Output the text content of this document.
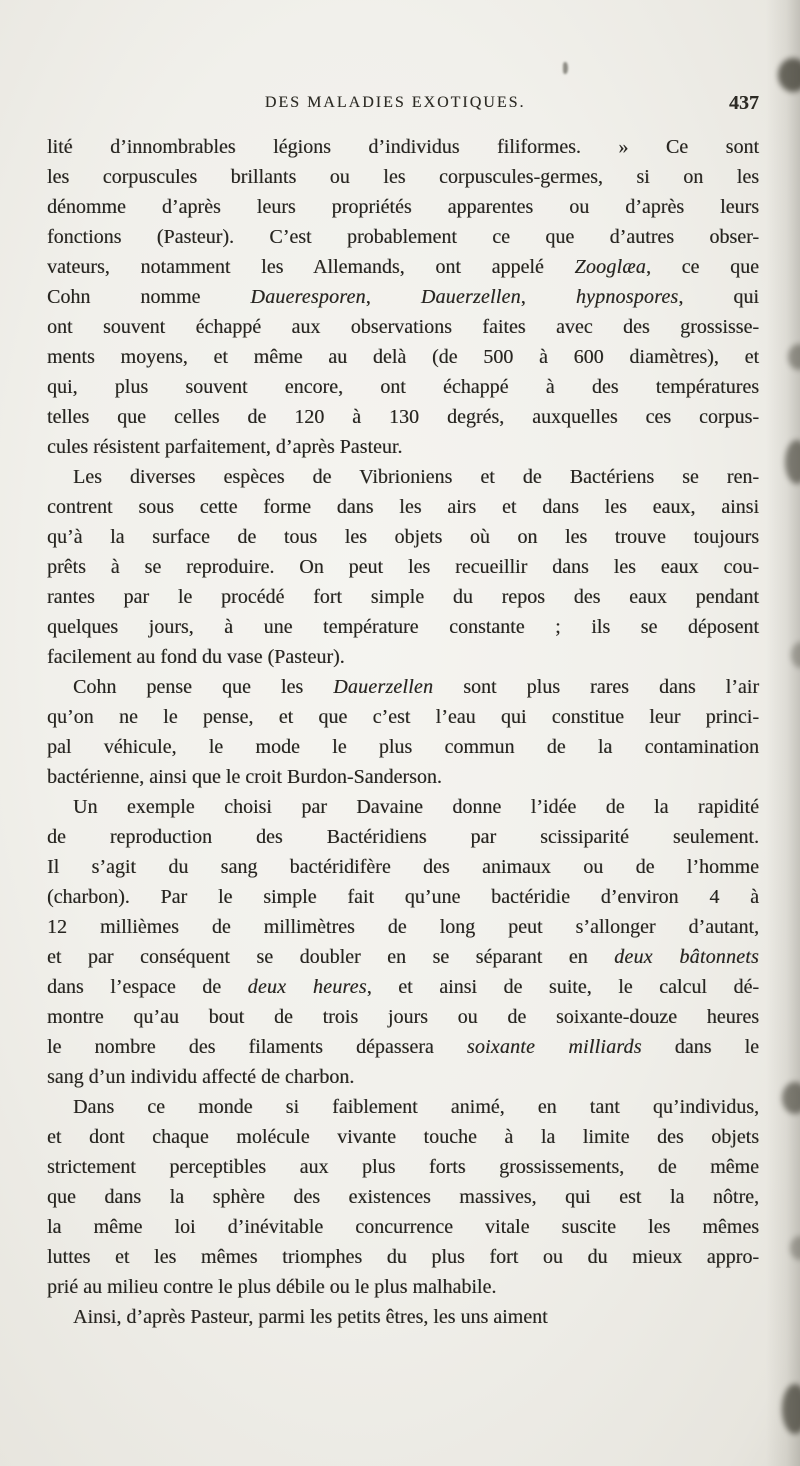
DES MALADIES EXOTIQUES.	437
lité d’innombrables légions d’individus filiformes. » Ce sont
les corpuscules brillants ou les corpuscules-germes, si on les
dénomme d’après leurs propriétés apparentes ou d’après leurs
fonctions (Pasteur). C’est probablement ce que d’autres obser-
vateurs, notamment les Allemands, ont appelé Zooglæa, ce que
Cohn nomme Daueresporen, Dauerzellen, hypnospores, qui
ont souvent échappé aux observations faites avec des grossisse-
ments moyens, et même au delà (de 500 à 600 diamètres), et
qui, plus souvent encore, ont échappé à des températures
telles que celles de 120 à 130 degrés, auxquelles ces corpus-
cules résistent parfaitement, d’après Pasteur.
Les diverses espèces de Vibrioniens et de Bactériens se ren-
contrent sous cette forme dans les airs et dans les eaux, ainsi
qu’à la surface de tous les objets où on les trouve toujours
prêts à se reproduire. On peut les recueillir dans les eaux cou-
rantes par le procédé fort simple du repos des eaux pendant
quelques jours, à une température constante ; ils se déposent
facilement au fond du vase (Pasteur).
Cohn pense que les Dauerzellen sont plus rares dans l’air
qu’on ne le pense, et que c’est l’eau qui constitue leur princi-
pal véhicule, le mode le plus commun de la contamination
bactérienne, ainsi que le croit Burdon-Sanderson.
Un exemple choisi par Davaine donne l’idée de la rapidité
de reproduction des Bactéridiens par scissiparité seulement.
Il s’agit du sang bactéridifère des animaux ou de l’homme
(charbon). Par le simple fait qu’une bactéridie d’environ 4 à
12 millièmes de millimètres de long peut s’allonger d’autant,
et par conséquent se doubler en se séparant en deux bâtonnets
dans l’espace de deux heures, et ainsi de suite, le calcul dé-
montre qu’au bout de trois jours ou de soixante-douze heures
le nombre des filaments dépassera soixante milliards dans le
sang d’un individu affecté de charbon.
Dans ce monde si faiblement animé, en tant qu’individus,
et dont chaque molécule vivante touche à la limite des objets
strictement perceptibles aux plus forts grossissements, de même
que dans la sphère des existences massives, qui est la nôtre,
la même loi d’inévitable concurrence vitale suscite les mêmes
luttes et les mêmes triomphes du plus fort ou du mieux appro-
prié au milieu contre le plus débile ou le plus malhabile.
Ainsi, d’après Pasteur, parmi les petits êtres, les uns aiment
